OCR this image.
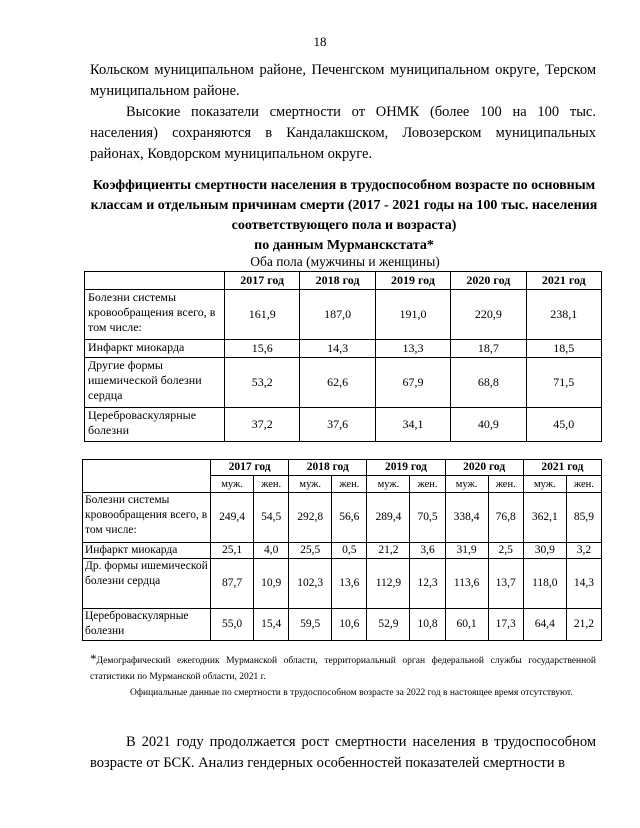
18
Кольском муниципальном районе, Печенгском муниципальном округе, Терском муниципальном районе.
Высокие показатели смертности от ОНМК (более 100 на 100 тыс. населения) сохраняются в Кандалакшском, Ловозерском муниципальных районах, Ковдорском муниципальном округе.
Коэффициенты смертности населения в трудоспособном возрасте по основным классам и отдельным причинам смерти (2017 - 2021 годы на 100 тыс. населения соответствующего пола и возраста)
по данным Мурманскстата*
Оба пола (мужчины и женщины)
	2017 год	2018 год	2019 год	2020 год	2021 год
Болезни системы кровообращения всего, в том числе:	161,9	187,0	191,0	220,9	238,1
Инфаркт миокарда	15,6	14,3	13,3	18,7	18,5
Другие формы ишемической болезни сердца	53,2	62,6	67,9	68,8	71,5
Цереброваскулярные болезни	37,2	37,6	34,1	40,9	45,0
	2017 год		2018 год		2019 год		2020 год		2021 год	
	муж.	жен.	муж.	жен.	муж.	жен.	муж.	жен.	муж.	жен.
Болезни системы кровообращения всего, в том числе:	249,4	54,5	292,8	56,6	289,4	70,5	338,4	76,8	362,1	85,9
Инфаркт миокарда	25,1	4,0	25,5	0,5	21,2	3,6	31,9	2,5	30,9	3,2
Др. формы ишемической болезни сердца	87,7	10,9	102,3	13,6	112,9	12,3	113,6	13,7	118,0	14,3
Цереброваскулярные болезни	55,0	15,4	59,5	10,6	52,9	10,8	60,1	17,3	64,4	21,2
*Демографический ежегодник Мурманской области, территориальный орган федеральной службы государственной статистики по Мурманской области, 2021 г.
Официальные данные по смертности в трудоспособном возрасте за 2022 год в настоящее время отсутствуют.
В 2021 году продолжается рост смертности населения в трудоспособном возрасте от БСК. Анализ гендерных особенностей показателей смертности в
